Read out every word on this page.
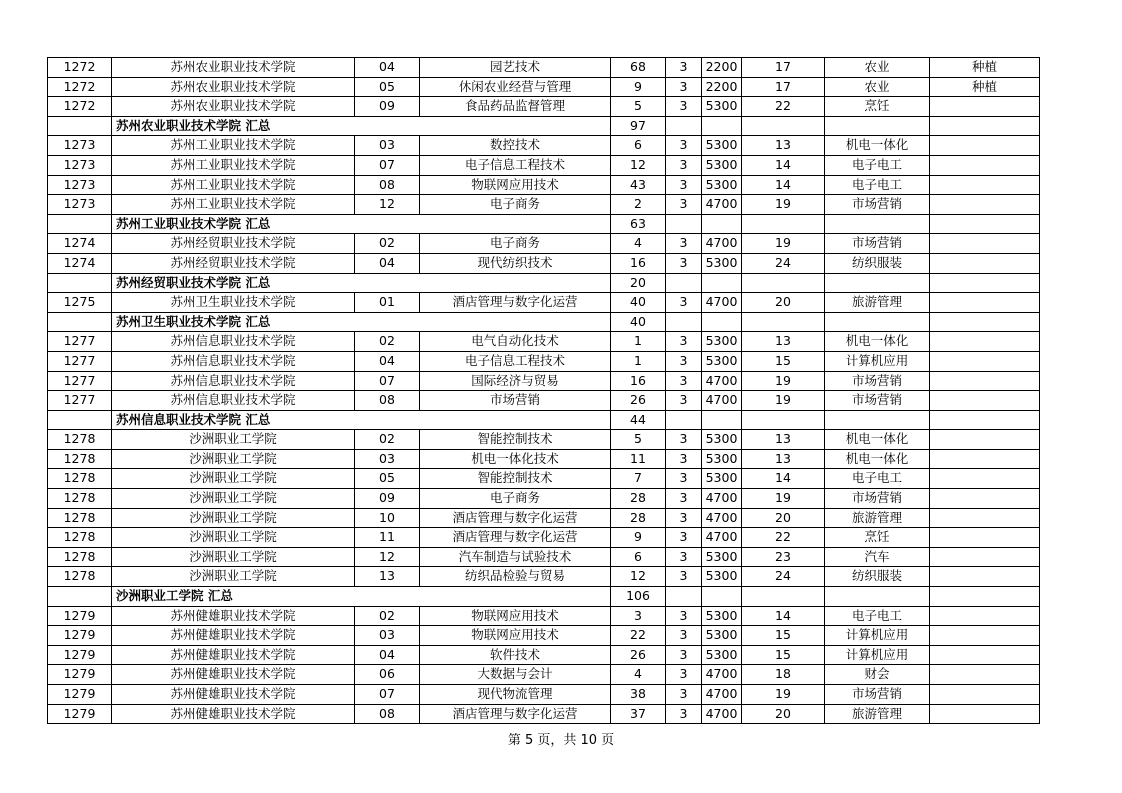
1272	苏州农业职业技术学院	04	园艺技术	68	3	2200	17	农业	种植
1272	苏州农业职业技术学院	05	休闲农业经营与管理	9	3	2200	17	农业	种植
1272	苏州农业职业技术学院	09	食品药品监督管理	5	3	5300	22	烹饪	
	苏州农业职业技术学院 汇总			97					
1273	苏州工业职业技术学院	03	数控技术	6	3	5300	13	机电一体化	
1273	苏州工业职业技术学院	07	电子信息工程技术	12	3	5300	14	电子电工	
1273	苏州工业职业技术学院	08	物联网应用技术	43	3	5300	14	电子电工	
1273	苏州工业职业技术学院	12	电子商务	2	3	4700	19	市场营销	
	苏州工业职业技术学院 汇总			63					
1274	苏州经贸职业技术学院	02	电子商务	4	3	4700	19	市场营销	
1274	苏州经贸职业技术学院	04	现代纺织技术	16	3	5300	24	纺织服装	
	苏州经贸职业技术学院 汇总			20					
1275	苏州卫生职业技术学院	01	酒店管理与数字化运营	40	3	4700	20	旅游管理	
	苏州卫生职业技术学院 汇总			40					
1277	苏州信息职业技术学院	02	电气自动化技术	1	3	5300	13	机电一体化	
1277	苏州信息职业技术学院	04	电子信息工程技术	1	3	5300	15	计算机应用	
1277	苏州信息职业技术学院	07	国际经济与贸易	16	3	4700	19	市场营销	
1277	苏州信息职业技术学院	08	市场营销	26	3	4700	19	市场营销	
	苏州信息职业技术学院 汇总			44					
1278	沙洲职业工学院	02	智能控制技术	5	3	5300	13	机电一体化	
1278	沙洲职业工学院	03	机电一体化技术	11	3	5300	13	机电一体化	
1278	沙洲职业工学院	05	智能控制技术	7	3	5300	14	电子电工	
1278	沙洲职业工学院	09	电子商务	28	3	4700	19	市场营销	
1278	沙洲职业工学院	10	酒店管理与数字化运营	28	3	4700	20	旅游管理	
1278	沙洲职业工学院	11	酒店管理与数字化运营	9	3	4700	22	烹饪	
1278	沙洲职业工学院	12	汽车制造与试验技术	6	3	5300	23	汽车	
1278	沙洲职业工学院	13	纺织品检验与贸易	12	3	5300	24	纺织服装	
	沙洲职业工学院 汇总			106					
1279	苏州健雄职业技术学院	02	物联网应用技术	3	3	5300	14	电子电工	
1279	苏州健雄职业技术学院	03	物联网应用技术	22	3	5300	15	计算机应用	
1279	苏州健雄职业技术学院	04	软件技术	26	3	5300	15	计算机应用	
1279	苏州健雄职业技术学院	06	大数据与会计	4	3	4700	18	财会	
1279	苏州健雄职业技术学院	07	现代物流管理	38	3	4700	19	市场营销	
1279	苏州健雄职业技术学院	08	酒店管理与数字化运营	37	3	4700	20	旅游管理	
第 5 页，共 10 页
